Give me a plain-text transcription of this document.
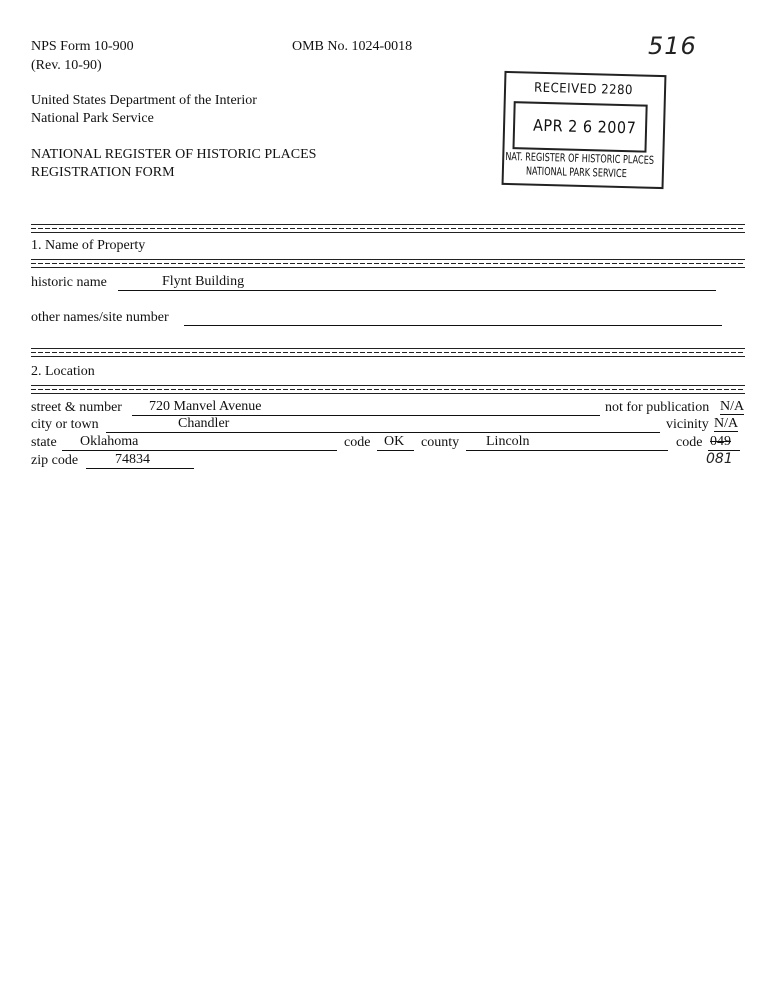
NPS Form 10-900
(Rev. 10-90)
OMB No. 1024-0018	516
United States Department of the Interior
National Park Service
NATIONAL REGISTER OF HISTORIC PLACES
REGISTRATION FORM
RECEIVED 2280
APR 2 6 2007
NAT. REGISTER OF HISTORIC PLACES
NATIONAL PARK SERVICE
1. Name of Property
historic name	Flynt Building
other names/site number
2. Location
street & number 720 Manvel Avenue	not for publication N/A
city or town	Chandler	vicinity N/A
state Oklahoma	code OK county Lincoln	code 049
081
zip code	74834
